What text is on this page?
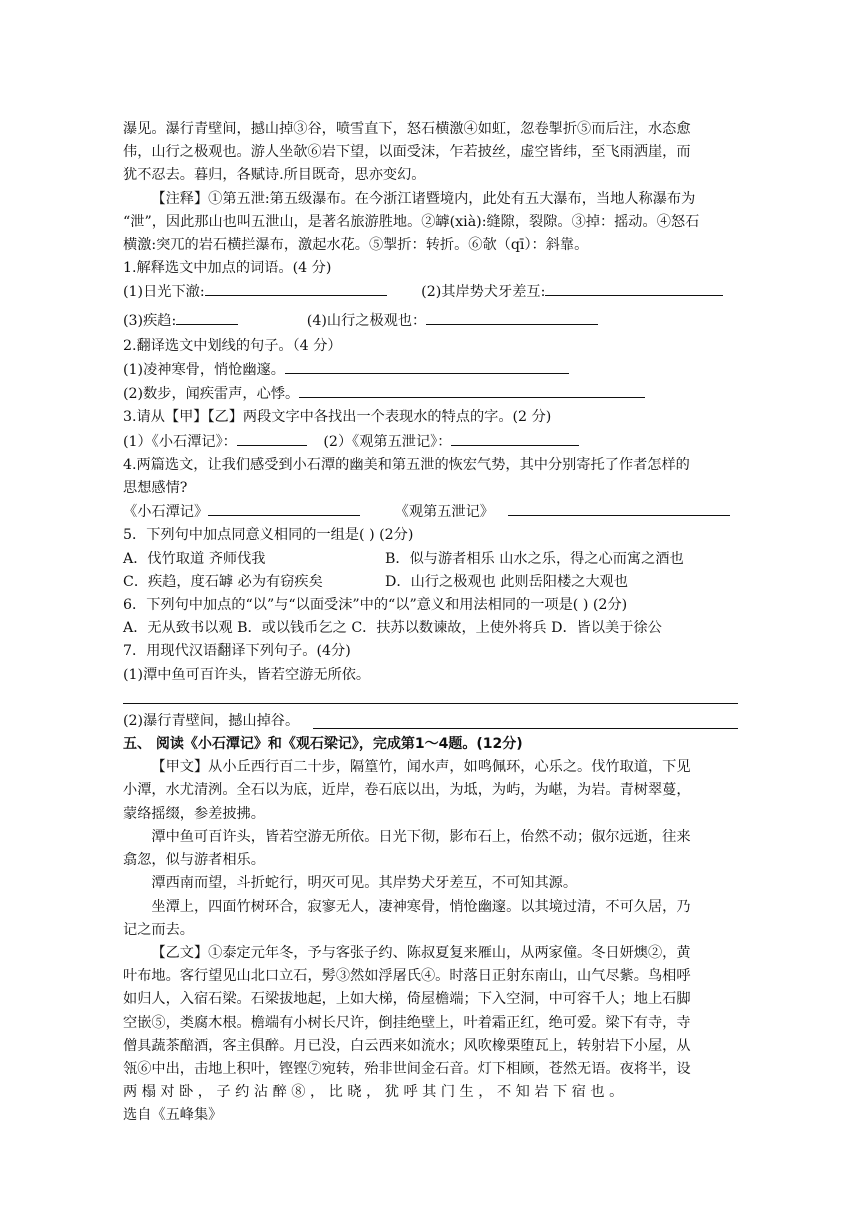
瀑见。瀑行青壁间，撼山掉③谷，喷雪直下，怒石横激④如虹，忽卷掣折⑤而后注，水态愈
伟，山行之极观也。游人坐欹⑥岩下望，以面受沫，乍若披丝，虚空皆纬，至飞雨洒崖，而
犹不忍去。暮归，各赋诗.所目既奇，思亦变幻。
【注释】①第五泄:第五级瀑布。在今浙江诸暨境内，此处有五大瀑布，当地人称瀑布为
“泄”，因此那山也叫五泄山，是著名旅游胜地。②罅(xià):缝隙，裂隙。③掉：摇动。④怒石
横激:突兀的岩石横拦瀑布，激起水花。⑤掣折：转折。⑥欹（qī）：斜靠。
1.解释选文中加点的词语。(4 分)
(1)日光下澈:	(2)其岸势犬牙差互:
(3)疾趋:	(4)山行之极观也：
2.翻译选文中划线的句子。（4 分）
(1)凌神寒骨，悄怆幽邃。
(2)数步，闻疾雷声，心悸。
3.请从【甲】【乙】两段文字中各找出一个表现水的特点的字。(2 分)
(1）《小石潭记》：	(2）《观第五泄记》：
4.两篇选文，让我们感受到小石潭的幽美和第五泄的恢宏气势，其中分别寄托了作者怎样的
思想感情?
《小石潭记》	《观第五泄记》
5．下列句中加点同意义相同的一组是( ) (2分)
A．伐竹取道 齐师伐我	B．似与游者相乐 山水之乐，得之心而寓之酒也
C．疾趋，度石罅 必为有窃疾矣	D．山行之极观也 此则岳阳楼之大观也
6．下列句中加点的“以”与“以面受沫”中的“以”意义和用法相同的一项是( ) (2分)
A．无从致书以观 B．或以钱币乞之 C．扶苏以数谏故，上使外将兵 D．皆以美于徐公
7．用现代汉语翻译下列句子。(4分)
(1)潭中鱼可百许头，皆若空游无所依。
(2)瀑行青壁间，撼山掉谷。
五、 阅读《小石潭记》和《观石梁记》，完成第1～4题。(12分)
【甲文】从小丘西行百二十步，隔篁竹，闻水声，如鸣佩环，心乐之。伐竹取道，下见
小潭，水尤清洌。全石以为底，近岸，卷石底以出，为坻，为屿，为嵁，为岩。青树翠蔓，
蒙络摇缀，参差披拂。
潭中鱼可百许头，皆若空游无所依。日光下彻，影布石上，佁然不动；俶尔远逝，往来
翕忽，似与游者相乐。
潭西南而望，斗折蛇行，明灭可见。其岸势犬牙差互，不可知其源。
坐潭上，四面竹树环合，寂寥无人，凄神寒骨，悄怆幽邃。以其境过清，不可久居，乃
记之而去。
【乙文】①泰定元年冬，予与客张子约、陈叔夏复来雁山，从两家僮。冬日妍燠②，黄
叶布地。客行望见山北口立石，髣③然如浮屠氏④。时落日正射东南山，山气尽紫。鸟相呼
如归人，入宿石梁。石梁拔地起，上如大梯，倚屋檐端；下入空洞，中可容千人；地上石脚
空嵌⑤，类腐木根。檐端有小树长尺许，倒挂绝壁上，叶着霜正红，绝可爱。梁下有寺，寺
僧具蔬茶醅酒，客主俱醉。月已没，白云西来如流水；风吹橡栗堕瓦上，转射岩下小屋，从
瓴⑥中出，击地上积叶，铿铿⑦宛转，殆非世间金石音。灯下相顾，苍然无语。夜将半，设
两 榻 对 卧 ， 子 约 沾 醉 ⑧ ， 比 晓 ， 犹 呼 其 门 生 ， 不 知 岩 下 宿 也 。
选自《五峰集》
